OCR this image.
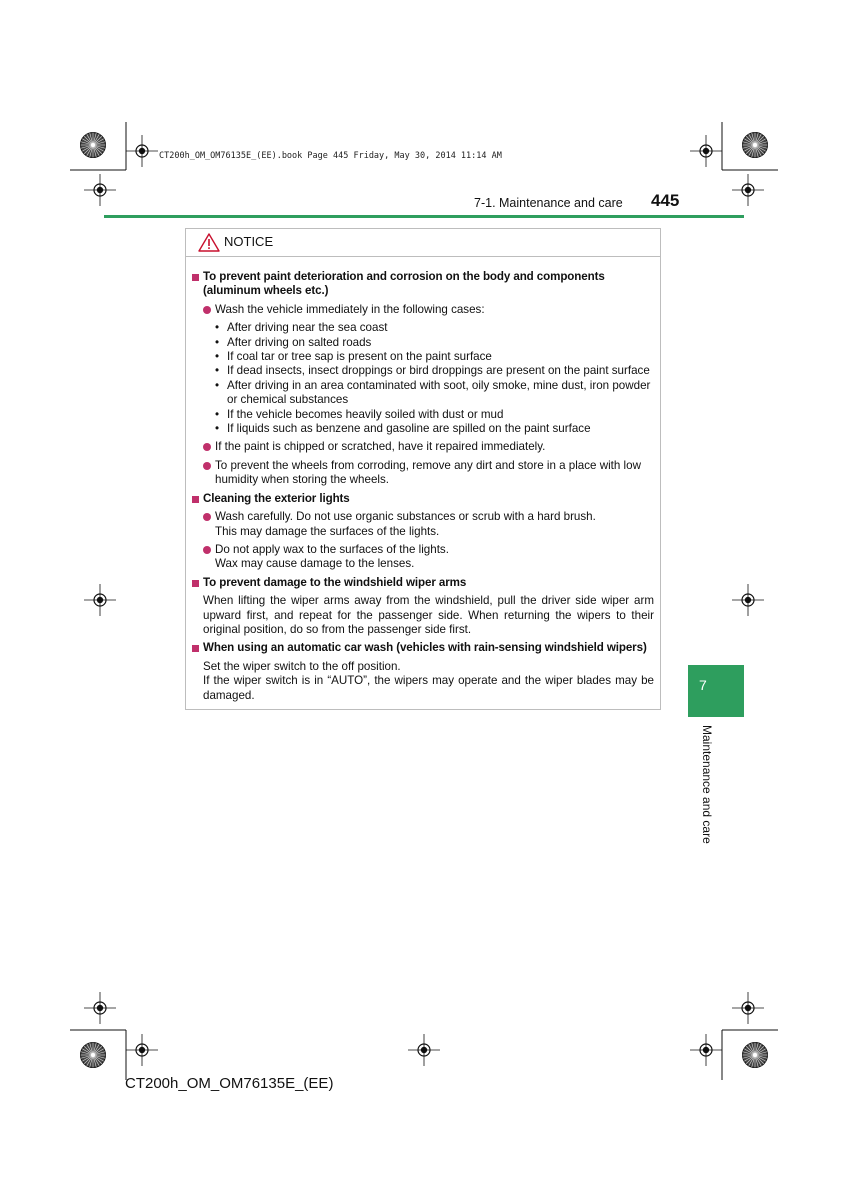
CT200h_OM_OM76135E_(EE).book Page 445 Friday, May 30, 2014 11:14 AM
7-1. Maintenance and care 445
7
Maintenance and care
NOTICE
To prevent paint deterioration and corrosion on the body and components (aluminum wheels etc.)
Wash the vehicle immediately in the following cases:
• After driving near the sea coast
• After driving on salted roads
• If coal tar or tree sap is present on the paint surface
• If dead insects, insect droppings or bird droppings are present on the paint surface
• After driving in an area contaminated with soot, oily smoke, mine dust, iron powder or chemical substances
• If the vehicle becomes heavily soiled with dust or mud
• If liquids such as benzene and gasoline are spilled on the paint surface
If the paint is chipped or scratched, have it repaired immediately.
To prevent the wheels from corroding, remove any dirt and store in a place with low humidity when storing the wheels.
Cleaning the exterior lights
Wash carefully. Do not use organic substances or scrub with a hard brush.
This may damage the surfaces of the lights.
Do not apply wax to the surfaces of the lights.
Wax may cause damage to the lenses.
To prevent damage to the windshield wiper arms
When lifting the wiper arms away from the windshield, pull the driver side wiper arm upward first, and repeat for the passenger side. When returning the wipers to their original position, do so from the passenger side first.
When using an automatic car wash (vehicles with rain-sensing windshield wipers)
Set the wiper switch to the off position.
If the wiper switch is in “AUTO”, the wipers may operate and the wiper blades may be damaged.
CT200h_OM_OM76135E_(EE)
